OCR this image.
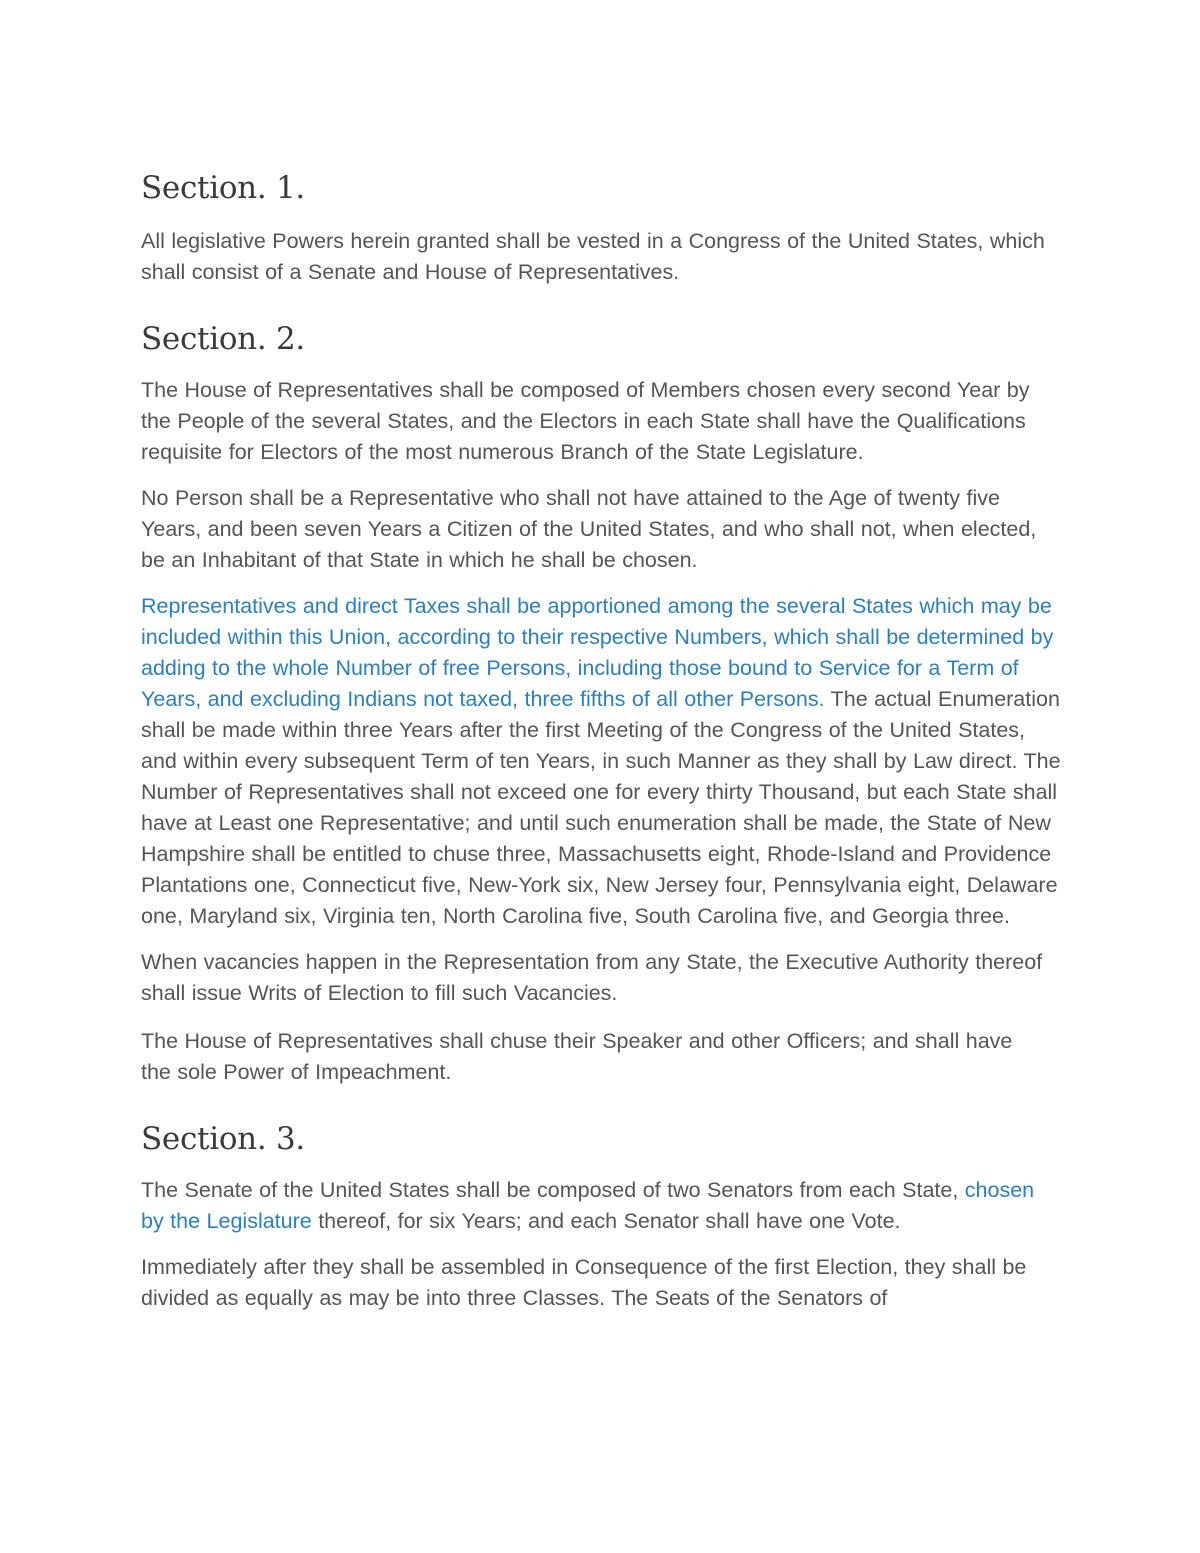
Section. 1.

All legislative Powers herein granted shall be vested in a Congress of the United States, which shall consist of a Senate and House of Representatives.

Section. 2.

The House of Representatives shall be composed of Members chosen every second Year by the People of the several States, and the Electors in each State shall have the Qualifications requisite for Electors of the most numerous Branch of the State Legislature.

No Person shall be a Representative who shall not have attained to the Age of twenty five Years, and been seven Years a Citizen of the United States, and who shall not, when elected, be an Inhabitant of that State in which he shall be chosen.

Representatives and direct Taxes shall be apportioned among the several States which may be included within this Union, according to their respective Numbers, which shall be determined by adding to the whole Number of free Persons, including those bound to Service for a Term of Years, and excluding Indians not taxed, three fifths of all other Persons. The actual Enumeration shall be made within three Years after the first Meeting of the Congress of the United States, and within every subsequent Term of ten Years, in such Manner as they shall by Law direct. The Number of Representatives shall not exceed one for every thirty Thousand, but each State shall have at Least one Representative; and until such enumeration shall be made, the State of New Hampshire shall be entitled to chuse three, Massachusetts eight, Rhode-Island and Providence Plantations one, Connecticut five, New-York six, New Jersey four, Pennsylvania eight, Delaware one, Maryland six, Virginia ten, North Carolina five, South Carolina five, and Georgia three.

When vacancies happen in the Representation from any State, the Executive Authority thereof shall issue Writs of Election to fill such Vacancies.

The House of Representatives shall chuse their Speaker and other Officers; and shall have the sole Power of Impeachment.

Section. 3.

The Senate of the United States shall be composed of two Senators from each State, chosen by the Legislature thereof, for six Years; and each Senator shall have one Vote.

Immediately after they shall be assembled in Consequence of the first Election, they shall be divided as equally as may be into three Classes. The Seats of the Senators of
